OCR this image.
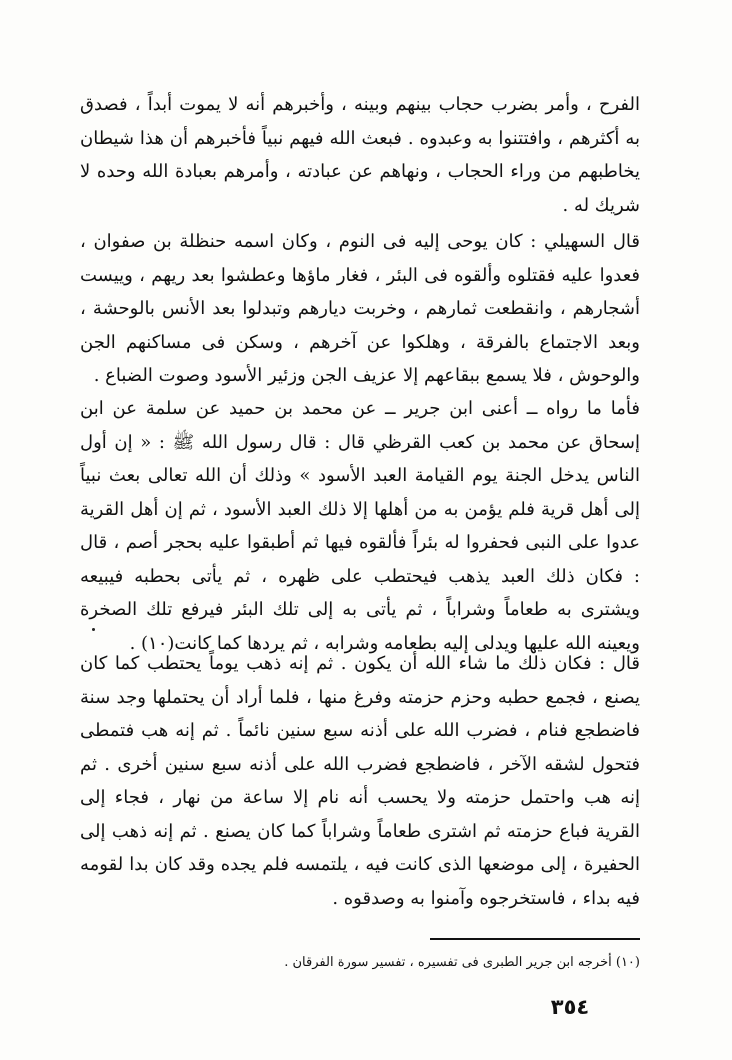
الفرح ، وأمر بضرب حجاب بينهم وبينه ، وأخبرهم أنه لا يموت أبداً ، فصدق به أكثرهم ، وافتتنوا به وعبدوه . فبعث الله فيهم نبياً فأخبرهم أن هذا شيطان يخاطبهم من وراء الحجاب ، ونهاهم عن عبادته ، وأمرهم بعبادة الله وحده لا شريك له .

قال السهيلي : كان يوحى إليه فى النوم ، وكان اسمه حنظلة بن صفوان ، فعدوا عليه فقتلوه وألقوه فى البئر ، فغار ماؤها وعطشوا بعد ريهم ، وييست أشجارهم ، وانقطعت ثمارهم ، وخربت ديارهم وتبدلوا بعد الأنس بالوحشة ، وبعد الاجتماع بالفرقة ، وهلكوا عن آخرهم ، وسكن فى مساكنهم الجن والوحوش ، فلا يسمع ببقاعهم إلا عزيف الجن وزئير الأسود وصوت الضباع .

فأما ما رواه ــ أعنى ابن جرير ــ عن محمد بن حميد عن سلمة عن ابن إسحاق عن محمد بن كعب القرظي قال : قال رسول الله ﷺ : « إن أول الناس يدخل الجنة يوم القيامة العبد الأسود » وذلك أن الله تعالى بعث نبياً إلى أهل قرية فلم يؤمن به من أهلها إلا ذلك العبد الأسود ، ثم إن أهل القرية عدوا على النبى فحفروا له بئراً فألقوه فيها ثم أطبقوا عليه بحجر أصم ، قال : فكان ذلك العبد يذهب فيحتطب على ظهره ، ثم يأتى بحطبه فيبيعه ويشترى به طعاماً وشراباً ، ثم يأتى به إلى تلك البئر فيرفع تلك الصخرة ويعينه الله عليها ويدلى إليه بطعامه وشرابه ، ثم يردها كما كانت(١٠) .

قال : فكان ذلك ما شاء الله أن يكون . ثم إنه ذهب يوماً يحتطب كما كان يصنع ، فجمع حطبه وحزم حزمته وفرغ منها ، فلما أراد أن يحتملها وجد سنة فاضطجع فنام ، فضرب الله على أذنه سبع سنين نائماً . ثم إنه هب فتمطى فتحول لشقه الآخر ، فاضطجع فضرب الله على أذنه سبع سنين أخرى . ثم إنه هب واحتمل حزمته ولا يحسب أنه نام إلا ساعة من نهار ، فجاء إلى القرية فباع حزمته ثم اشترى طعاماً وشراباً كما كان يصنع . ثم إنه ذهب إلى الحفيرة ، إلى موضعها الذى كانت فيه ، يلتمسه فلم يجده وقد كان بدا لقومه فيه بداء ، فاستخرجوه وآمنوا به وصدقوه .

(١٠) أخرجه ابن جرير الطبرى فى تفسيره ، تفسير سورة الفرقان .

٣٥٤
